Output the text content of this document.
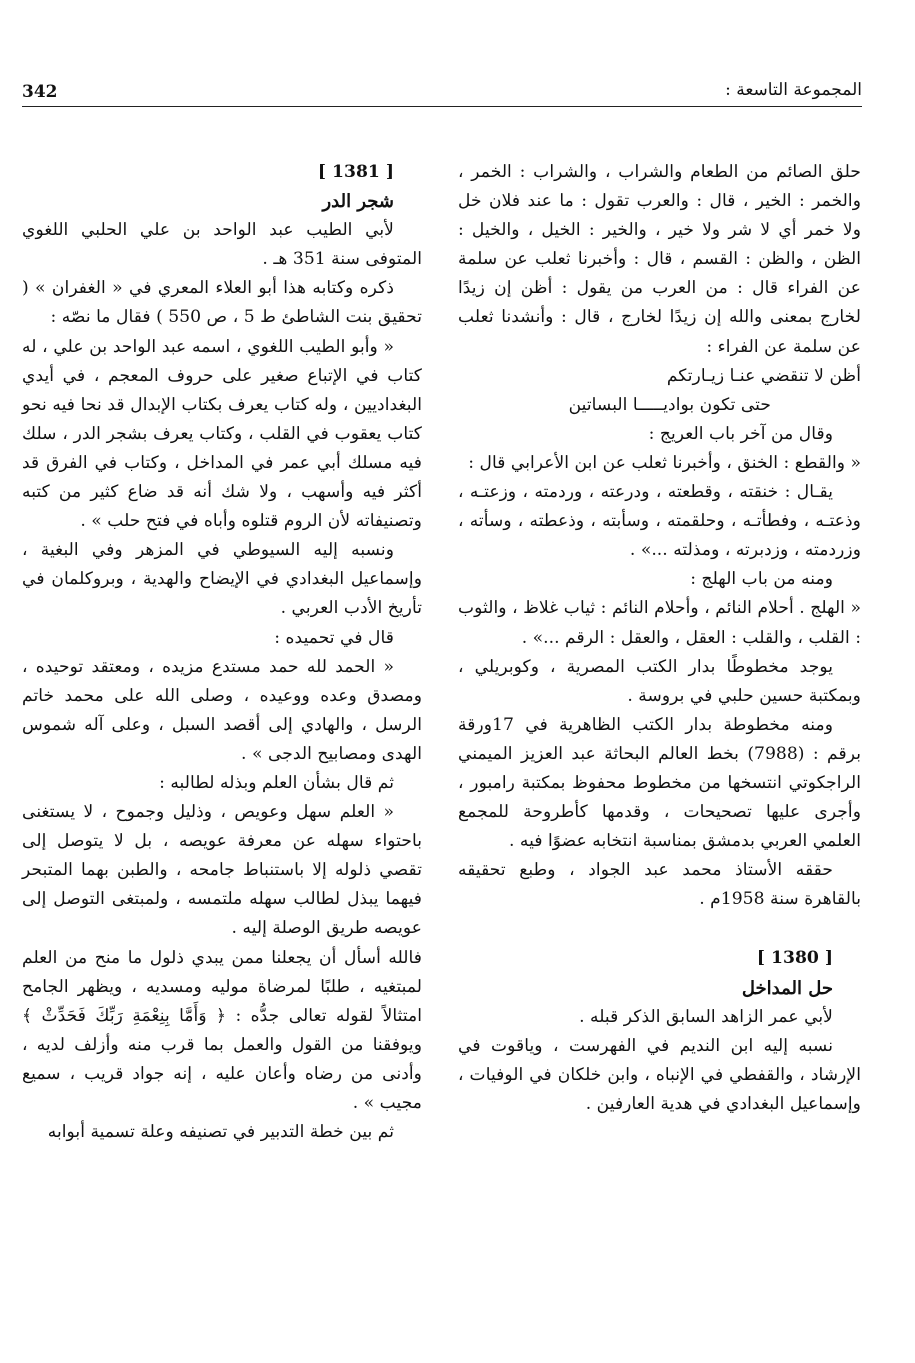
342	المجموعة التاسعة :

حلق الصائم من الطعام والشراب ، والشراب : الخمر ، والخمر : الخير ، قال : والعرب تقول : ما عند فلان خل ولا خمر أي لا شر ولا خير ، والخير : الخيل ، والخيل : الظن ، والظن : القسم ، قال : وأخبرنا ثعلب عن سلمة عن الفراء قال : من العرب من يقول : أظن إن زيدًا لخارج بمعنى والله إن زيدًا لخارج ، قال : وأنشدنا ثعلب عن سلمة عن الفراء :

أظن لا تنقضي عنـا زيـارتكم
حتى تكون بواديـــــا البساتين

وقال من آخر باب العريج :

« والقطع : الخنق ، وأخبرنا ثعلب عن ابن الأعرابي قال :

يقـال : خنقته ، وقطعته ، ودرعته ، وردمته ، وزعتـه ، وذعتـه ، وفطأتـه ، وحلقمته ، وسأبته ، وذعطته ، وسأته ، وزردمته ، وزدبرته ، ومذلته ...» .

ومنه من باب الهلج :

« الهلج . أحلام النائم ، وأحلام النائم : ثياب غلاظ ، والثوب : القلب ، والقلب : العقل ، والعقل : الرقم ...» .

يوجد مخطوطًا بدار الكتب المصرية ، وكوبريلي ، وبمكتبة حسين حلبي في بروسة .

ومنه مخطوطة بدار الكتب الظاهرية في 17ورقة برقم : (7988) بخط العالم البحاثة عبد العزيز الميمني الراجكوتي انتسخها من مخطوط محفوظ بمكتبة رامبور ، وأجرى عليها تصحيحات ، وقدمها كأطروحة للمجمع العلمي العربي بدمشق بمناسبة انتخابه عضوًا فيه .

حققه الأستاذ محمد عبد الجواد ، وطبع تحقيقه بالقاهرة سنة 1958م .

[ 1380 ]

حل المداخل

لأبي عمر الزاهد السابق الذكر قبله .

نسبه إليه ابن النديم في الفهرست ، وياقوت في الإرشاد ، والقفطي في الإنباه ، وابن خلكان في الوفيات ، وإسماعيل البغدادي في هدية العارفين .

[ 1381 ]

شجر الدر

لأبي الطيب عبد الواحد بن علي الحلبي اللغوي المتوفى سنة 351 هـ .

ذكره وكتابه هذا أبو العلاء المعري في « الغفران » ( تحقيق بنت الشاطئ ط 5 ، ص 550 ) فقال ما نصّه :

« وأبو الطيب اللغوي ، اسمه عبد الواحد بن علي ، له كتاب في الإتباع صغير على حروف المعجم ، في أيدي البغداديين ، وله كتاب يعرف بكتاب الإبدال قد نحا فيه نحو كتاب يعقوب في القلب ، وكتاب يعرف بشجر الدر ، سلك فيه مسلك أبي عمر في المداخل ، وكتاب في الفرق قد أكثر فيه وأسهب ، ولا شك أنه قد ضاع كثير من كتبه وتصنيفاته لأن الروم قتلوه وأباه في فتح حلب » .

ونسبه إليه السيوطي في المزهر وفي البغية ، وإسماعيل البغدادي في الإيضاح والهدية ، وبروكلمان في تأريخ الأدب العربي .

قال في تحميده :

« الحمد لله حمد مستدع مزيده ، ومعتقد توحيده ، ومصدق وعده ووعيده ، وصلى الله على محمد خاتم الرسل ، والهادي إلى أقصد السبل ، وعلى آله شموس الهدى ومصابيح الدجى » .

ثم قال بشأن العلم وبذله لطالبه :

« العلم سهل وعويص ، وذليل وجموح ، لا يستغنى باحتواء سهله عن معرفة عويصه ، بل لا يتوصل إلى تقصي ذلوله إلا باستنباط جامحه ، والطبن بهما المتبحر فيهما يبذل لطالب سهله ملتمسه ، ولمبتغى التوصل إلى عويصه طريق الوصلة إليه .

فالله أسأل أن يجعلنا ممن يبدي ذلول ما منح من العلم لمبتغيه ، طلبًا لمرضاة موليه ومسديه ، ويظهر الجامح امتثالاً لقوله تعالى جدُّه : ﴿ وَأَمَّا بِنِعْمَةِ رَبِّكَ فَحَدِّثْ ﴾ ويوفقنا من القول والعمل بما قرب منه وأزلف لديه ، وأدنى من رضاه وأعان عليه ، إنه جواد قريب ، سميع مجيب » .

ثم بين خطة التدبير في تصنيفه وعلة تسمية أبوابه
